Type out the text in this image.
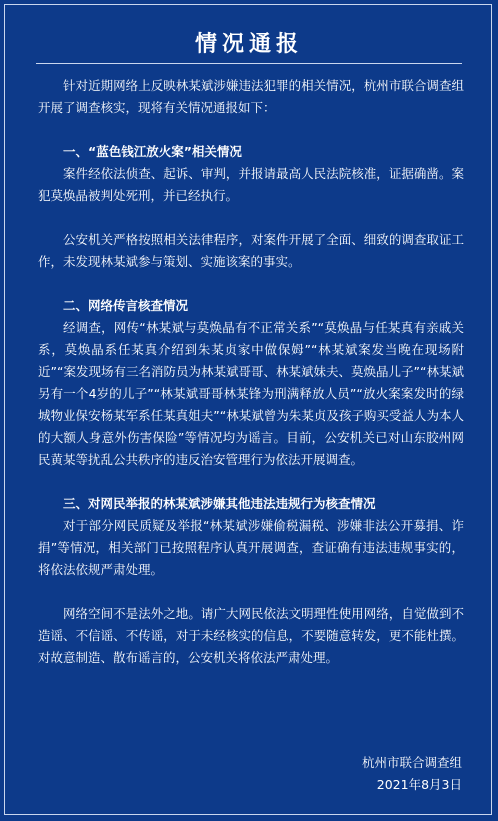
情况通报

针对近期网络上反映林某斌涉嫌违法犯罪的相关情况，杭州市联合调查组开展了调查核实，现将有关情况通报如下：

一、“蓝色钱江放火案”相关情况

案件经依法侦查、起诉、审判，并报请最高人民法院核准，证据确凿。案犯莫焕晶被判处死刑，并已经执行。

公安机关严格按照相关法律程序，对案件开展了全面、细致的调查取证工作，未发现林某斌参与策划、实施该案的事实。

二、网络传言核查情况

经调查，网传“林某斌与莫焕晶有不正常关系”“莫焕晶与任某真有亲戚关系，莫焕晶系任某真介绍到朱某贞家中做保姆”“林某斌案发当晚在现场附近”“案发现场有三名消防员为林某斌哥哥、林某斌妹夫、莫焕晶儿子”“林某斌另有一个4岁的儿子”“林某斌哥哥林某锋为刑满释放人员”“放火案案发时的绿城物业保安杨某军系任某真姐夫”“林某斌曾为朱某贞及孩子购买受益人为本人的大额人身意外伤害保险”等情况均为谣言。目前，公安机关已对山东胶州网民黄某等扰乱公共秩序的违反治安管理行为依法开展调查。

三、对网民举报的林某斌涉嫌其他违法违规行为核查情况

对于部分网民质疑及举报“林某斌涉嫌偷税漏税、涉嫌非法公开募捐、诈捐”等情况，相关部门已按照程序认真开展调查，查证确有违法违规事实的，将依法依规严肃处理。

网络空间不是法外之地。请广大网民依法文明理性使用网络，自觉做到不造谣、不信谣、不传谣，对于未经核实的信息，不要随意转发，更不能杜撰。对故意制造、散布谣言的，公安机关将依法严肃处理。

杭州市联合调查组
2021年8月3日
